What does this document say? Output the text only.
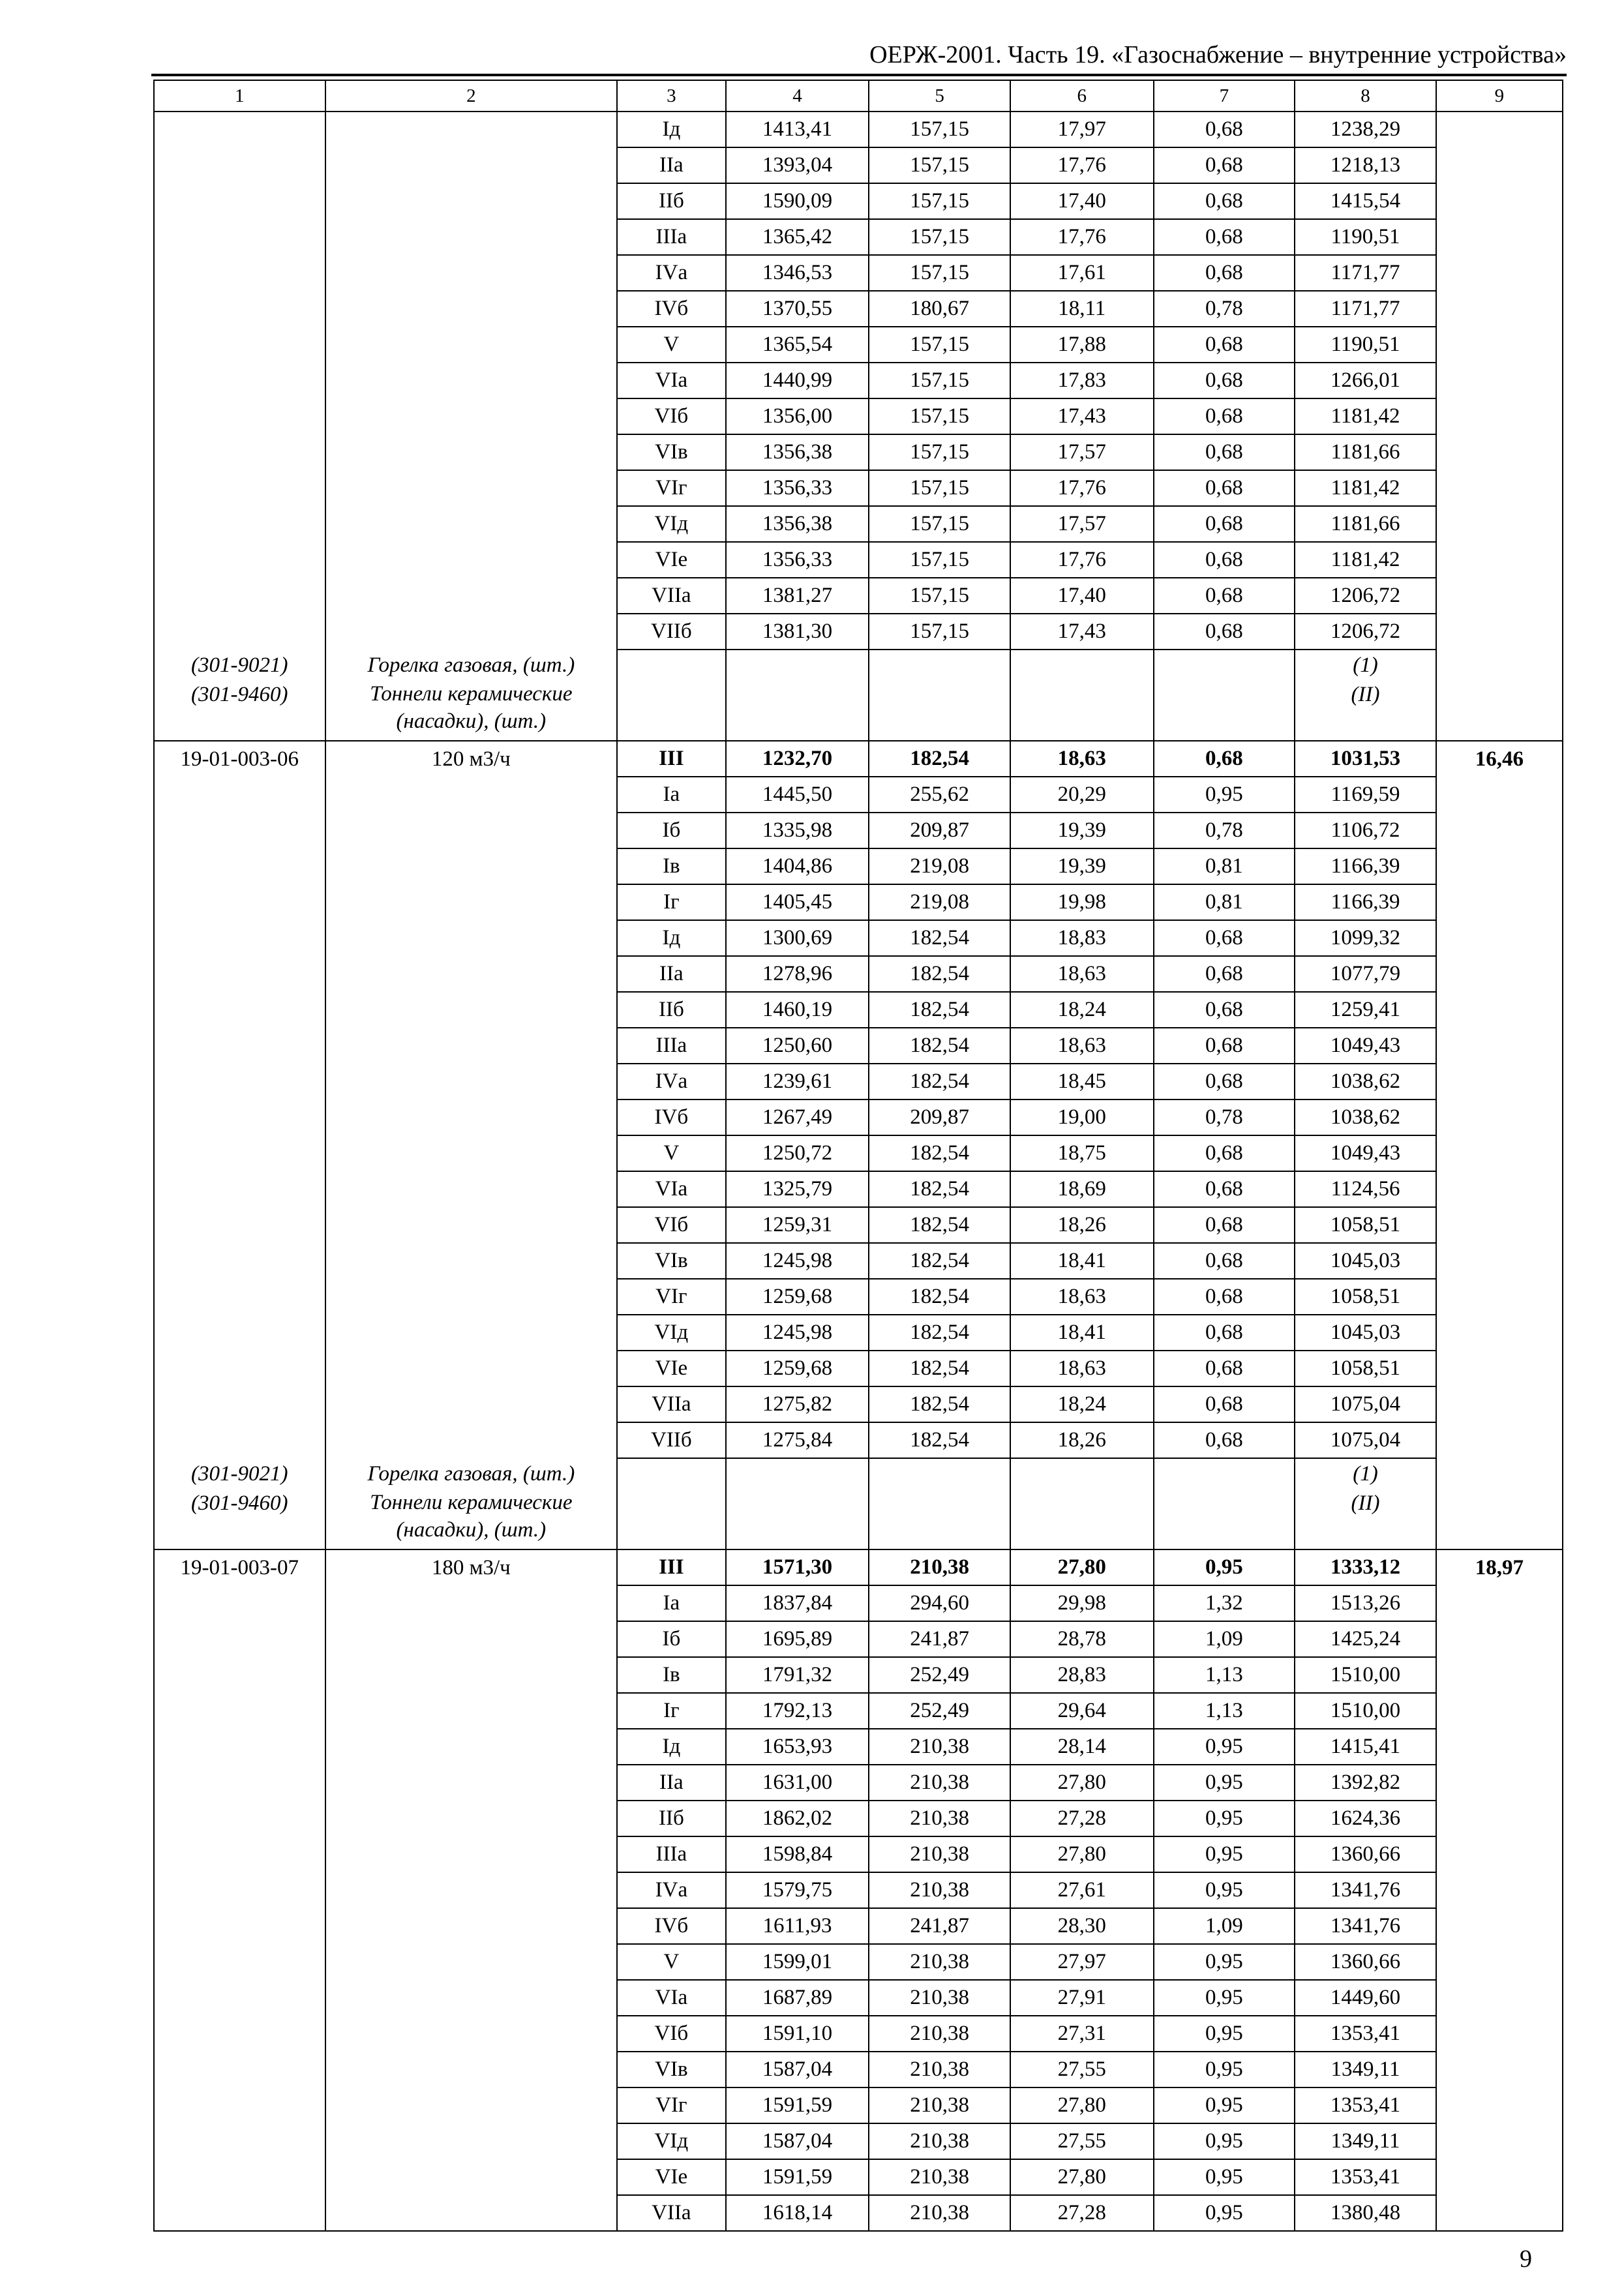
ОЕРЖ-2001. Часть 19. «Газоснабжение – внутренние устройства»
1	2	3	4	5	6	7	8	9
		Iд	1413,41	157,15	17,97	0,68	1238,29	
		IIа	1393,04	157,15	17,76	0,68	1218,13	
		IIб	1590,09	157,15	17,40	0,68	1415,54	
		IIIа	1365,42	157,15	17,76	0,68	1190,51	
		IVа	1346,53	157,15	17,61	0,68	1171,77	
		IVб	1370,55	180,67	18,11	0,78	1171,77	
		V	1365,54	157,15	17,88	0,68	1190,51	
		VIа	1440,99	157,15	17,83	0,68	1266,01	
		VIб	1356,00	157,15	17,43	0,68	1181,42	
		VIв	1356,38	157,15	17,57	0,68	1181,66	
		VIг	1356,33	157,15	17,76	0,68	1181,42	
		VIд	1356,38	157,15	17,57	0,68	1181,66	
		VIе	1356,33	157,15	17,76	0,68	1181,42	
		VIIа	1381,27	157,15	17,40	0,68	1206,72	
		VIIб	1381,30	157,15	17,43	0,68	1206,72	
(301-9021)	Горелка газовая, (шт.)						(1)	
(301-9460)	Тоннели керамические (насадки), (шт.)						(II)	
19-01-003-06	120 м3/ч	III	1232,70	182,54	18,63	0,68	1031,53	16,46
		Iа	1445,50	255,62	20,29	0,95	1169,59	
		Iб	1335,98	209,87	19,39	0,78	1106,72	
		Iв	1404,86	219,08	19,39	0,81	1166,39	
		Iг	1405,45	219,08	19,98	0,81	1166,39	
		Iд	1300,69	182,54	18,83	0,68	1099,32	
		IIа	1278,96	182,54	18,63	0,68	1077,79	
		IIб	1460,19	182,54	18,24	0,68	1259,41	
		IIIа	1250,60	182,54	18,63	0,68	1049,43	
		IVа	1239,61	182,54	18,45	0,68	1038,62	
		IVб	1267,49	209,87	19,00	0,78	1038,62	
		V	1250,72	182,54	18,75	0,68	1049,43	
		VIа	1325,79	182,54	18,69	0,68	1124,56	
		VIб	1259,31	182,54	18,26	0,68	1058,51	
		VIв	1245,98	182,54	18,41	0,68	1045,03	
		VIг	1259,68	182,54	18,63	0,68	1058,51	
		VIд	1245,98	182,54	18,41	0,68	1045,03	
		VIе	1259,68	182,54	18,63	0,68	1058,51	
		VIIа	1275,82	182,54	18,24	0,68	1075,04	
		VIIб	1275,84	182,54	18,26	0,68	1075,04	
(301-9021)	Горелка газовая, (шт.)						(1)	
(301-9460)	Тоннели керамические (насадки), (шт.)						(II)	
19-01-003-07	180 м3/ч	III	1571,30	210,38	27,80	0,95	1333,12	18,97
		Iа	1837,84	294,60	29,98	1,32	1513,26	
		Iб	1695,89	241,87	28,78	1,09	1425,24	
		Iв	1791,32	252,49	28,83	1,13	1510,00	
		Iг	1792,13	252,49	29,64	1,13	1510,00	
		Iд	1653,93	210,38	28,14	0,95	1415,41	
		IIа	1631,00	210,38	27,80	0,95	1392,82	
		IIб	1862,02	210,38	27,28	0,95	1624,36	
		IIIа	1598,84	210,38	27,80	0,95	1360,66	
		IVа	1579,75	210,38	27,61	0,95	1341,76	
		IVб	1611,93	241,87	28,30	1,09	1341,76	
		V	1599,01	210,38	27,97	0,95	1360,66	
		VIа	1687,89	210,38	27,91	0,95	1449,60	
		VIб	1591,10	210,38	27,31	0,95	1353,41	
		VIв	1587,04	210,38	27,55	0,95	1349,11	
		VIг	1591,59	210,38	27,80	0,95	1353,41	
		VIд	1587,04	210,38	27,55	0,95	1349,11	
		VIе	1591,59	210,38	27,80	0,95	1353,41	
		VIIа	1618,14	210,38	27,28	0,95	1380,48	
9
